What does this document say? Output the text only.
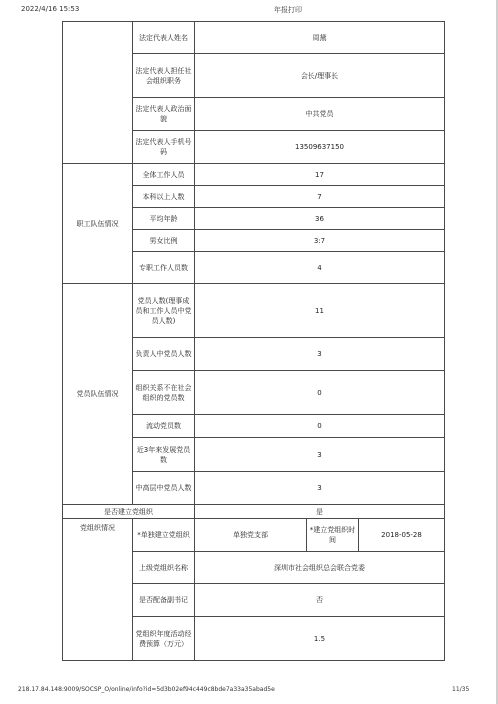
2022/4/16 15:53	年报打印
	法定代表人姓名	周黛		
	法定代表人担任社会组织职务	会长/理事长		
	法定代表人政治面貌	中共党员		
	法定代表人手机号码	13509637150		
职工队伍情况	全体工作人员	17		
	本科以上人数	7		
	平均年龄	36		
	男女比例	3:7		
	专职工作人员数	4		
党员队伍情况	党员人数(理事成员和工作人员中党员人数)	11		
	负责人中党员人数	3		
	组织关系不在社会组织的党员数	0		
	流动党员数	0		
	近3年来发展党员数	3		
	中高层中党员人数	3		
是否建立党组织		是		
党组织情况	*单独建立党组织	单独党支部	*建立党组织时间	2018-05-28
	上级党组织名称	深圳市社会组织总会联合党委		
	是否配备副书记	否		
	党组织年度活动经费预算（万元）	1.5		
218.17.84.148:9009/SOCSP_O/online/info?id=5d3b02ef94c449c8bde7a33a35abad5e	11/35
